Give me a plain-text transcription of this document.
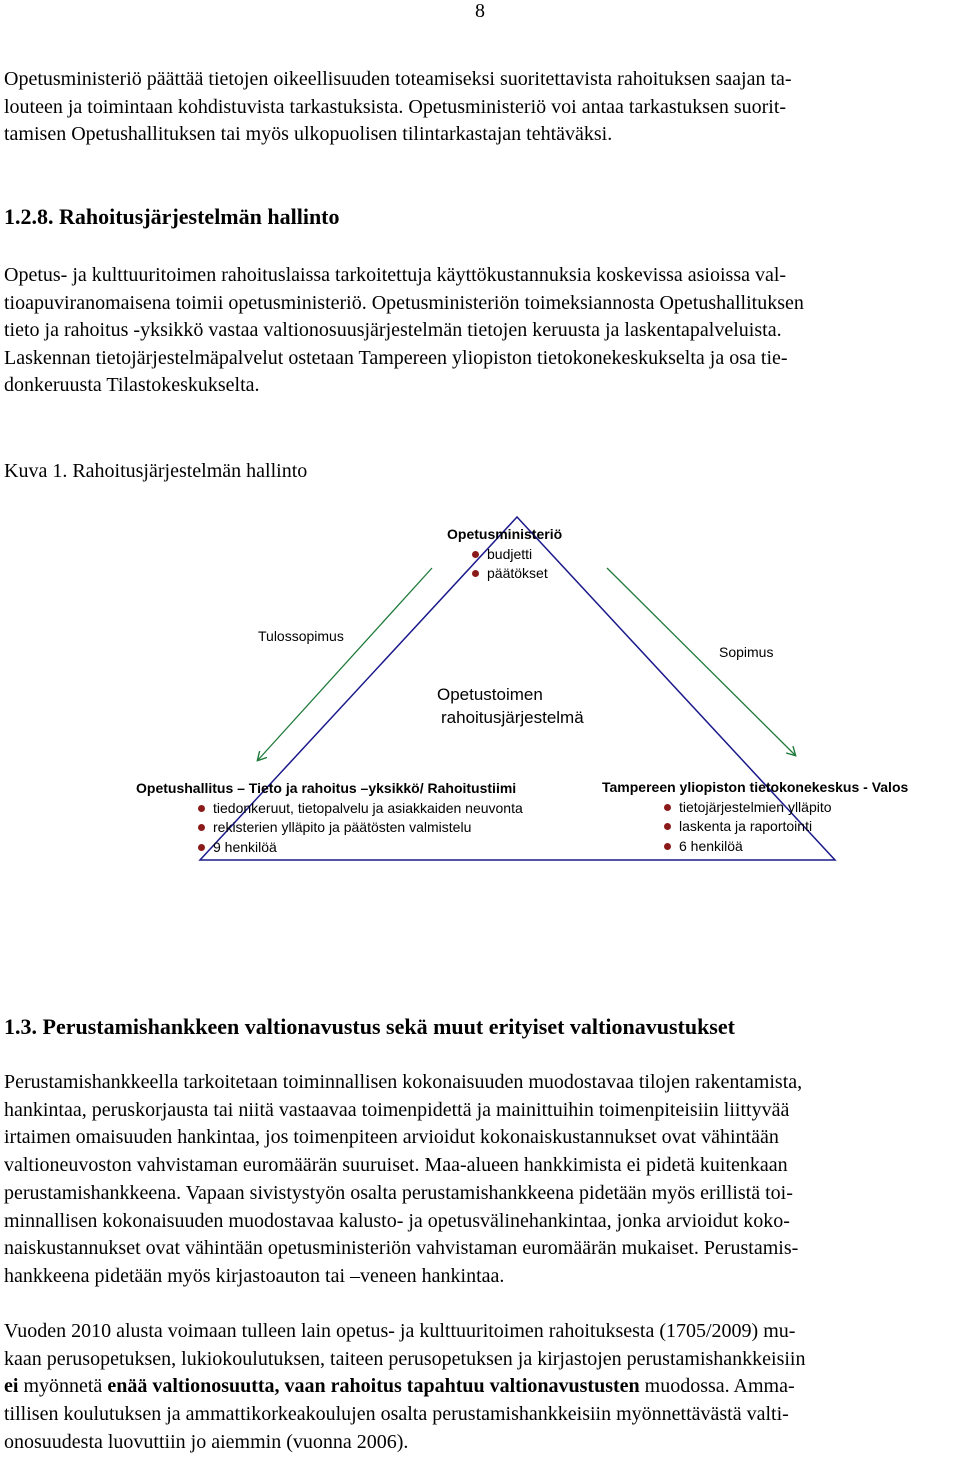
8
Opetusministeriö päättää tietojen oikeellisuuden toteamiseksi suoritettavista rahoituksen saajan ta-
louteen ja toimintaan kohdistuvista tarkastuksista. Opetusministeriö voi antaa tarkastuksen suorit-
tamisen Opetushallituksen tai myös ulkopuolisen tilintarkastajan tehtäväksi.
1.2.8. Rahoitusjärjestelmän hallinto
Opetus- ja kulttuuritoimen rahoituslaissa tarkoitettuja käyttökustannuksia koskevissa asioissa val-
tioapuviranomaisena toimii opetusministeriö. Opetusministeriön toimeksiannosta Opetushallituksen
tieto ja rahoitus -yksikkö vastaa valtionosuusjärjestelmän tietojen keruusta ja laskentapalveluista.
Laskennan tietojärjestelmäpalvelut ostetaan Tampereen yliopiston tietokonekeskukselta ja osa tie-
donkeruusta Tilastokeskukselta.
Kuva 1. Rahoitusjärjestelmän hallinto
Opetusministeriö
budjetti
päätökset
Tulossopimus
Sopimus
Opetustoimen
rahoitusjärjestelmä
Opetushallitus – Tieto ja rahoitus –yksikkö/ Rahoitustiimi
tiedonkeruut, tietopalvelu ja asiakkaiden neuvonta
rekisterien ylläpito ja päätösten valmistelu
9 henkilöä
Tampereen yliopiston tietokonekeskus - Valos
tietojärjestelmien ylläpito
laskenta ja raportointi
6 henkilöä
1.3. Perustamishankkeen valtionavustus sekä muut erityiset valtionavustukset
Perustamishankkeella tarkoitetaan toiminnallisen kokonaisuuden muodostavaa tilojen rakentamista,
hankintaa, peruskorjausta tai niitä vastaavaa toimenpidettä ja mainittuihin toimenpiteisiin liittyvää
irtaimen omaisuuden hankintaa, jos toimenpiteen arvioidut kokonaiskustannukset ovat vähintään
valtioneuvoston vahvistaman euromäärän suuruiset. Maa-alueen hankkimista ei pidetä kuitenkaan
perustamishankkeena. Vapaan sivistystyön osalta perustamishankkeena pidetään myös erillistä toi-
minnallisen kokonaisuuden muodostavaa kalusto- ja opetusvälinehankintaa, jonka arvioidut koko-
naiskustannukset ovat vähintään opetusministeriön vahvistaman euromäärän mukaiset. Perustamis-
hankkeena pidetään myös kirjastoauton tai –veneen hankintaa.
Vuoden 2010 alusta voimaan tulleen lain opetus- ja kulttuuritoimen rahoituksesta (1705/2009) mu-
kaan perusopetuksen, lukiokoulutuksen, taiteen perusopetuksen ja kirjastojen perustamishankkeisiin
ei myönnetä enää valtionosuutta, vaan rahoitus tapahtuu valtionavustusten muodossa. Amma-
tillisen koulutuksen ja ammattikorkeakoulujen osalta perustamishankkeisiin myönnettävästä valti-
onosuudesta luovuttiin jo aiemmin (vuonna 2006).
